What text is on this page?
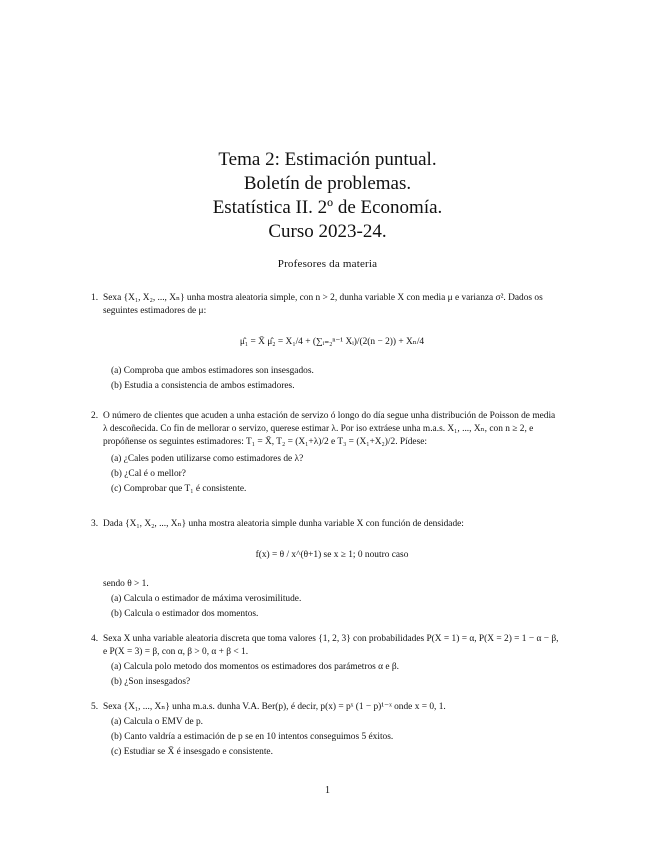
Tema 2: Estimación puntual.
Boletín de problemas.
Estatística II. 2º de Economía.
Curso 2023-24.
Profesores da materia
1. Sexa {X₁, X₂, ..., Xₙ} unha mostra aleatoria simple, con n > 2, dunha variable X con media μ e varianza σ². Dados os seguintes estimadores de μ:
μ̂₁ = X̄ μ̂₂ = X₁/4 + (∑ᵢ₌₂ⁿ⁻¹ Xᵢ)/(2(n − 2)) + Xₙ/4
(a) Comproba que ambos estimadores son insesgados.
(b) Estudia a consistencia de ambos estimadores.
2. O número de clientes que acuden a unha estación de servizo ó longo do día segue unha distribución de Poisson de media λ descoñecida. Co fin de mellorar o servizo, querese estimar λ. Por iso extráese unha m.a.s. X₁, ..., Xₙ, con n ≥ 2, e propóñense os seguintes estimadores: T₁ = X̄, T₂ = (X₁+λ)/2 e T₃ = (X₁+X₂)/2. Pídese:
(a) ¿Cales poden utilizarse como estimadores de λ?
(b) ¿Cal é o mellor?
(c) Comprobar que T₁ é consistente.
3. Dada {X₁, X₂, ..., Xₙ} unha mostra aleatoria simple dunha variable X con función de densidade:
f(x) = θ / x^(θ+1) se x ≥ 1; 0 noutro caso
sendo θ > 1.
(a) Calcula o estimador de máxima verosimilitude.
(b) Calcula o estimador dos momentos.
4. Sexa X unha variable aleatoria discreta que toma valores {1, 2, 3} con probabilidades P(X = 1) = α, P(X = 2) = 1 − α − β, e P(X = 3) = β, con α, β > 0, α + β < 1.
(a) Calcula polo metodo dos momentos os estimadores dos parámetros α e β.
(b) ¿Son insesgados?
5. Sexa {X₁, ..., Xₙ} unha m.a.s. dunha V.A. Ber(p), é decir, p(x) = pˣ (1 − p)¹⁻ˣ onde x = 0, 1.
(a) Calcula o EMV de p.
(b) Canto valdría a estimación de p se en 10 intentos conseguimos 5 éxitos.
(c) Estudiar se X̄ é insesgado e consistente.
1
